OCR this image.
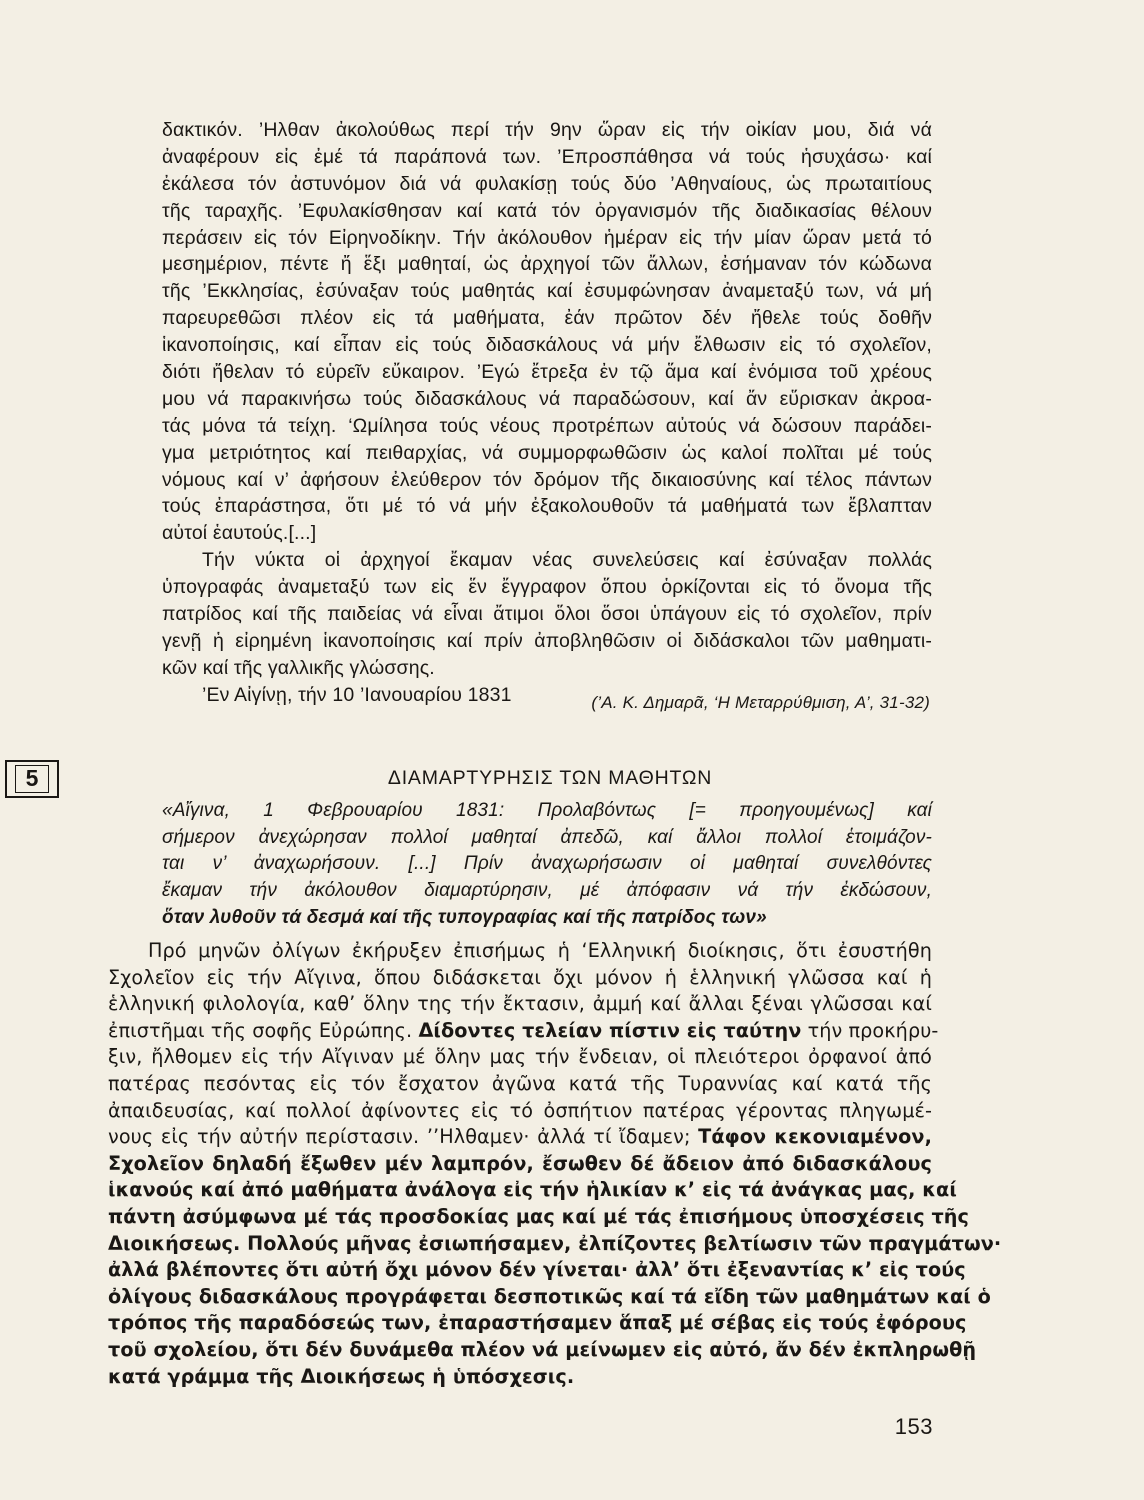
δακτικόν. ’Ηλθαν ἀκολούθως περί τήν 9ην ὥραν εἰς τήν οἰκίαν μου, διά νά
ἀναφέρουν εἰς ἐμέ τά παράπονά των. ’Επροσπάθησα νά τούς ἡσυχάσω· καί
ἐκάλεσα τόν ἀστυνόμον διά νά φυλακίσῃ τούς δύο ’Αθηναίους, ὡς πρωταιτίους
τῆς ταραχῆς. ’Εφυλακίσθησαν καί κατά τόν ὀργανισμόν τῆς διαδικασίας θέλουν
περάσειν εἰς τόν Εἰρηνοδίκην. Τήν ἀκόλουθον ἡμέραν εἰς τήν μίαν ὥραν μετά τό
μεσημέριον, πέντε ἤ ἕξι μαθηταί, ὡς ἀρχηγοί τῶν ἄλλων, ἐσήμαναν τόν κώδωνα
τῆς ’Εκκλησίας, ἐσύναξαν τούς μαθητάς καί ἐσυμφώνησαν ἀναμεταξύ των, νά μή
παρευρεθῶσι πλέον εἰς τά μαθήματα, ἐάν πρῶτον δέν ἤθελε τούς δοθῆν
ἱκανοποίησις, καί εἶπαν εἰς τούς διδασκάλους νά μήν ἔλθωσιν εἰς τό σχολεῖον,
διότι ἤθελαν τό εὑρεῖν εὔκαιρον. ’Εγώ ἔτρεξα ἐν τῷ ἅμα καί ἐνόμισα τοῦ χρέους
μου νά παρακινήσω τούς διδασκάλους νά παραδώσουν, καί ἄν εὕρισκαν ἀκροα-
τάς μόνα τά τείχη. ‘Ωμίλησα τούς νέους προτρέπων αὐτούς νά δώσουν παράδει-
γμα μετριότητος καί πειθαρχίας, νά συμμορφωθῶσιν ὡς καλοί πολῖται μέ τούς
νόμους καί ν’ ἀφήσουν ἐλεύθερον τόν δρόμον τῆς δικαιοσύνης καί τέλος πάντων
τούς ἐπαράστησα, ὅτι μέ τό νά μήν ἐξακολουθοῦν τά μαθήματά των ἔβλαπταν
αὐτοί ἑαυτούς.[...]
Τήν νύκτα οἱ ἀρχηγοί ἔκαμαν νέας συνελεύσεις καί ἐσύναξαν πολλάς
ὑπογραφάς ἀναμεταξύ των εἰς ἕν ἔγγραφον ὅπου ὁρκίζονται εἰς τό ὄνομα τῆς
πατρίδος καί τῆς παιδείας νά εἶναι ἄτιμοι ὅλοι ὅσοι ὑπάγουν εἰς τό σχολεῖον, πρίν
γενῇ ἡ εἰρημένη ἱκανοποίησις καί πρίν ἀποβληθῶσιν οἱ διδάσκαλοι τῶν μαθηματι-
κῶν καί τῆς γαλλικῆς γλώσσης.
’Εν Αἰγίνῃ, τήν 10 ’Ιανουαρίου 1831	(’Α. Κ. Δημαρᾶ, ‘Η Μεταρρύθμιση, Α’, 31-32)
5	ΔΙΑΜΑΡΤΥΡΗΣΙΣ ΤΩΝ ΜΑΘΗΤΩΝ
«Αἴγινα, 1 Φεβρουαρίου 1831: Προλαβόντως [= προηγουμένως] καί
σήμερον ἀνεχώρησαν πολλοί μαθηταί ἀπεδῶ, καί ἄλλοι πολλοί ἑτοιμάζον-
ται ν’ ἀναχωρήσουν. [...] Πρίν ἀναχωρήσωσιν οἱ μαθηταί συνελθόντες
ἔκαμαν τήν ἀκόλουθον διαμαρτύρησιν, μέ ἀπόφασιν νά τήν ἐκδώσουν,
ὅταν λυθοῦν τά δεσμά καί τῆς τυπογραφίας καί τῆς πατρίδος των»
Πρό μηνῶν ὀλίγων ἐκήρυξεν ἐπισήμως ἡ ‘Ελληνική διοίκησις, ὅτι ἐσυστήθη
Σχολεῖον εἰς τήν Αἴγινα, ὅπου διδάσκεται ὄχι μόνον ἡ ἑλληνική γλῶσσα καί ἡ
ἑλληνική φιλολογία, καθ’ ὅλην της τήν ἔκτασιν, ἀμμή καί ἄλλαι ξέναι γλῶσσαι καί
ἐπιστῆμαι τῆς σοφῆς Εὐρώπης. Δίδοντες τελείαν πίστιν εἰς ταύτην τήν προκήρυ-
ξιν, ἤλθομεν εἰς τήν Αἴγιναν μέ ὅλην μας τήν ἔνδειαν, οἱ πλειότεροι ὀρφανοί ἀπό
πατέρας πεσόντας εἰς τόν ἔσχατον ἀγῶνα κατά τῆς Τυραννίας καί κατά τῆς
ἀπαιδευσίας, καί πολλοί ἀφίνοντες εἰς τό ὀσπήτιον πατέρας γέροντας πληγωμέ-
νους εἰς τήν αὐτήν περίστασιν. ’’Ηλθαμεν· ἀλλά τί ἴδαμεν; Τάφον κεκονιαμένον,
Σχολεῖον δηλαδή ἔξωθεν μέν λαμπρόν, ἔσωθεν δέ ἄδειον ἀπό διδασκάλους
ἱκανούς καί ἀπό μαθήματα ἀνάλογα εἰς τήν ἡλικίαν κ’ εἰς τά ἀνάγκας μας, καί
πάντη ἀσύμφωνα μέ τάς προσδοκίας μας καί μέ τάς ἐπισήμους ὑποσχέσεις τῆς
Διοικήσεως. Πολλούς μῆνας ἐσιωπήσαμεν, ἐλπίζοντες βελτίωσιν τῶν πραγμάτων·
ἀλλά βλέποντες ὅτι αὐτή ὄχι μόνον δέν γίνεται· ἀλλ’ ὅτι ἐξεναντίας κ’ εἰς τούς
ὀλίγους διδασκάλους προγράφεται δεσποτικῶς καί τά εἴδη τῶν μαθημάτων καί ὁ
τρόπος τῆς παραδόσεώς των, ἐπαραστήσαμεν ἅπαξ μέ σέβας εἰς τούς ἐφόρους
τοῦ σχολείου, ὅτι δέν δυνάμεθα πλέον νά μείνωμεν εἰς αὐτό, ἄν δέν ἐκπληρωθῇ
κατά γράμμα τῆς Διοικήσεως ἡ ὑπόσχεσις.
153
